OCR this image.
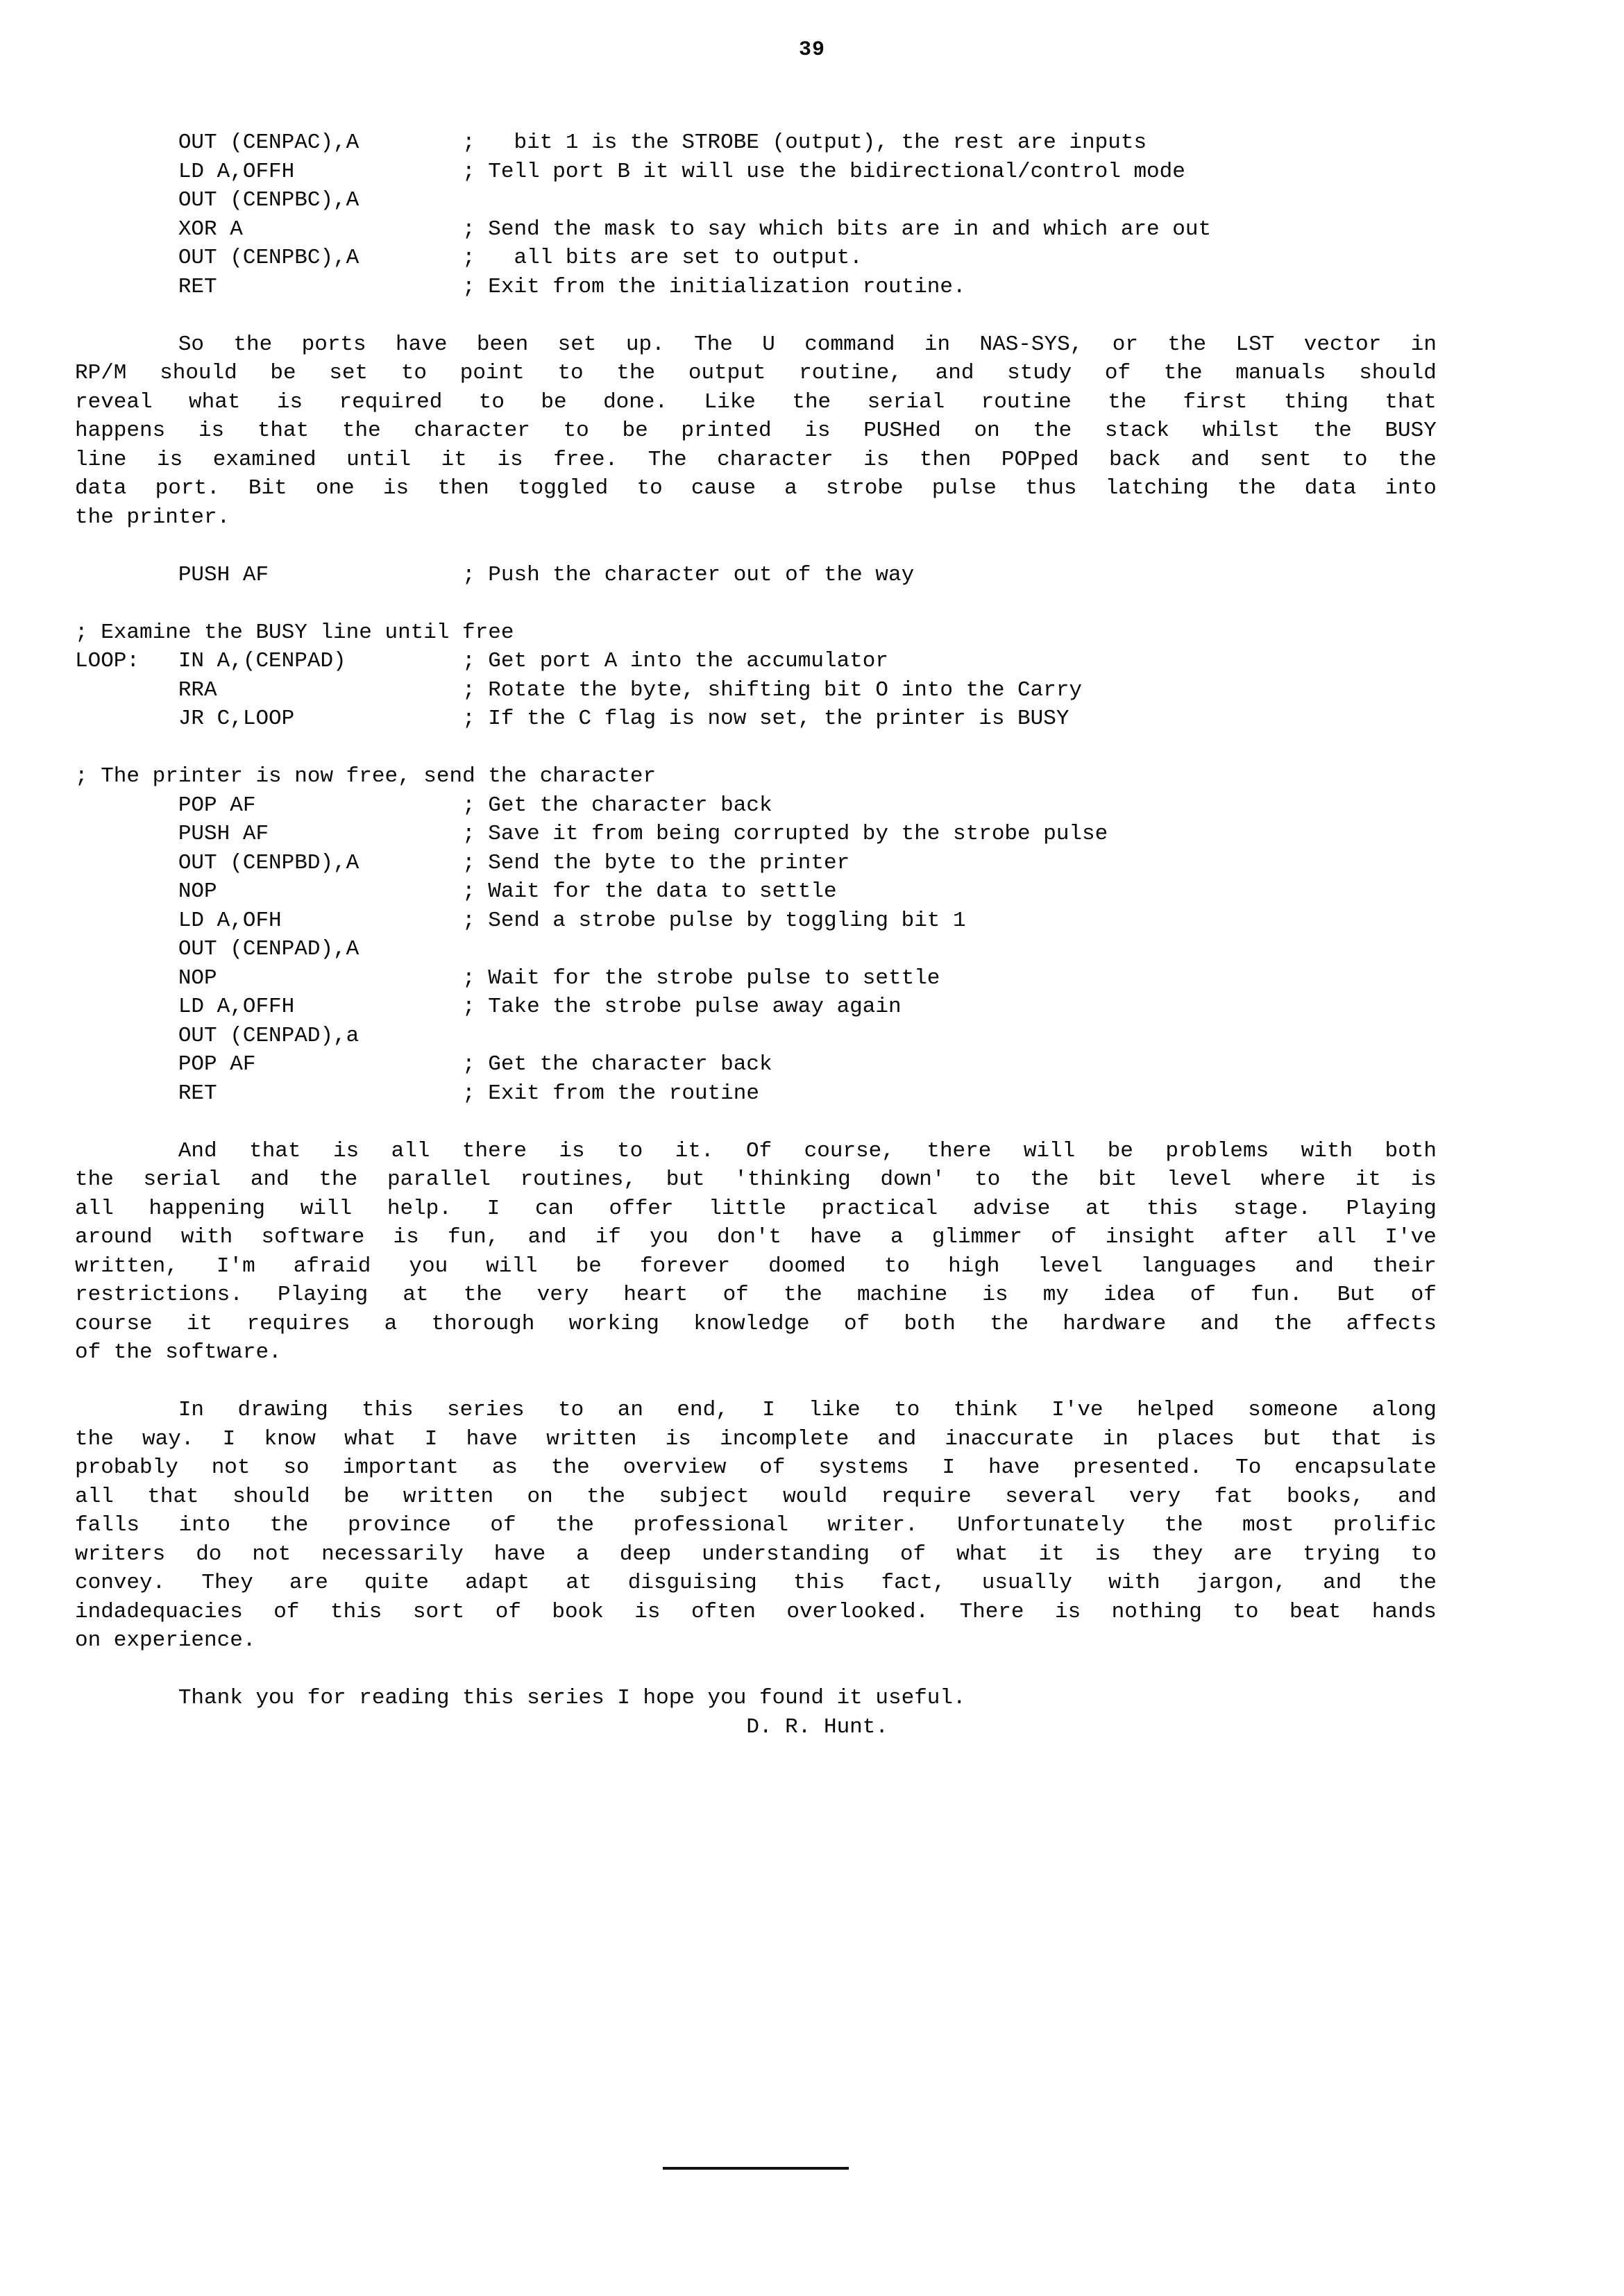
39
OUT (CENPAC),A        ;   bit 1 is the STROBE (output), the rest are inputs
LD A,OFFH             ; Tell port B it will use the bidirectional/control mode
OUT (CENPBC),A
XOR A                 ; Send the mask to say which bits are in and which are out
OUT (CENPBC),A        ;   all bits are set to output.
RET                   ; Exit from the initialization routine.
So the ports have been set up. The U command in NAS-SYS, or the LST vector in
RP/M should be set to point to the output routine, and study of the manuals should
reveal what is required to be done. Like the serial routine the first thing that
happens is that the character to be printed is PUSHed on the stack whilst the BUSY
line is examined until it is free. The character is then POPped back and sent to the
data port. Bit one is then toggled to cause a strobe pulse thus latching the data into
the printer.
PUSH AF               ; Push the character out of the way
; Examine the BUSY line until free
LOOP:   IN A,(CENPAD)         ; Get port A into the accumulator
RRA                   ; Rotate the byte, shifting bit O into the Carry
JR C,LOOP             ; If the C flag is now set, the printer is BUSY
; The printer is now free, send the character
POP AF                ; Get the character back
PUSH AF               ; Save it from being corrupted by the strobe pulse
OUT (CENPBD),A        ; Send the byte to the printer
NOP                   ; Wait for the data to settle
LD A,OFH              ; Send a strobe pulse by toggling bit 1
OUT (CENPAD),A
NOP                   ; Wait for the strobe pulse to settle
LD A,OFFH             ; Take the strobe pulse away again
OUT (CENPAD),a
POP AF                ; Get the character back
RET                   ; Exit from the routine
And that is all there is to it. Of course, there will be problems with both
the serial and the parallel routines, but 'thinking down' to the bit level where it is
all happening will help. I can offer little practical advise at this stage. Playing
around with software is fun, and if you don't have a glimmer of insight after all I've
written, I'm afraid you will be forever doomed to high level languages and their
restrictions. Playing at the very heart of the machine is my idea of fun. But of
course it requires a thorough working knowledge of both the hardware and the affects
of the software.
In drawing this series to an end, I like to think I've helped someone along
the way. I know what I have written is incomplete and inaccurate in places but that is
probably not so important as the overview of systems I have presented. To encapsulate
all that should be written on the subject would require several very fat books, and
falls into the province of the professional writer. Unfortunately the most prolific
writers do not necessarily have a deep understanding of what it is they are trying to
convey. They are quite adapt at disguising this fact, usually with jargon, and the
indadequacies of this sort of book is often overlooked. There is nothing to beat hands
on experience.
Thank you for reading this series I hope you found it useful.
D. R. Hunt.
